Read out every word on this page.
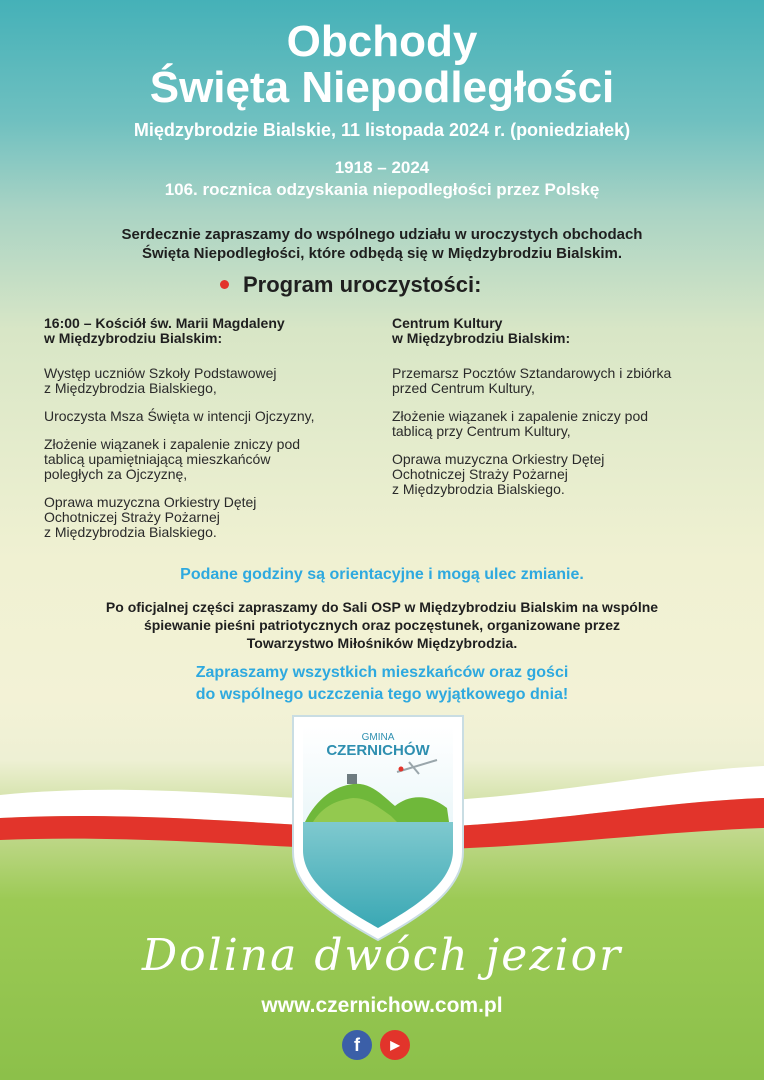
Obchody
Święta Niepodległości
Międzybrodzie Bialskie, 11 listopada 2024 r. (poniedziałek)
1918 – 2024
106. rocznica odzyskania niepodległości przez Polskę
Serdecznie zapraszamy do wspólnego udziału w uroczystych obchodach
Święta Niepodległości, które odbędą się w Międzybrodziu Bialskim.
Program uroczystości:
16:00 – Kościół św. Marii Magdaleny
w Międzybrodziu Bialskim:
Występ uczniów Szkoły Podstawowej
z Międzybrodzia Bialskiego,
Uroczysta Msza Święta w intencji Ojczyzny,
Złożenie wiązanek i zapalenie zniczy pod
tablicą upamiętniającą mieszkańców
poległych za Ojczyznę,
Oprawa muzyczna Orkiestry Dętej
Ochotniczej Straży Pożarnej
z Międzybrodzia Bialskiego.
Centrum Kultury
w Międzybrodziu Bialskim:
Przemarsz Pocztów Sztandarowych i zbiórka
przed Centrum Kultury,
Złożenie wiązanek i zapalenie zniczy pod
tablicą przy Centrum Kultury,
Oprawa muzyczna Orkiestry Dętej
Ochotniczej Straży Pożarnej
z Międzybrodzia Bialskiego.
Podane godziny są orientacyjne i mogą ulec zmianie.
Po oficjalnej części zapraszamy do Sali OSP w Międzybrodziu Bialskim na wspólne
śpiewanie pieśni patriotycznych oraz poczęstunek, organizowane przez
Towarzystwo Miłośników Międzybrodzia.
Zapraszamy wszystkich mieszkańców oraz gości
do wspólnego uczczenia tego wyjątkowego dnia!
GMINA
CZERNICHÓW
Dolina dwóch jezior
www.czernichow.com.pl
f	▶
